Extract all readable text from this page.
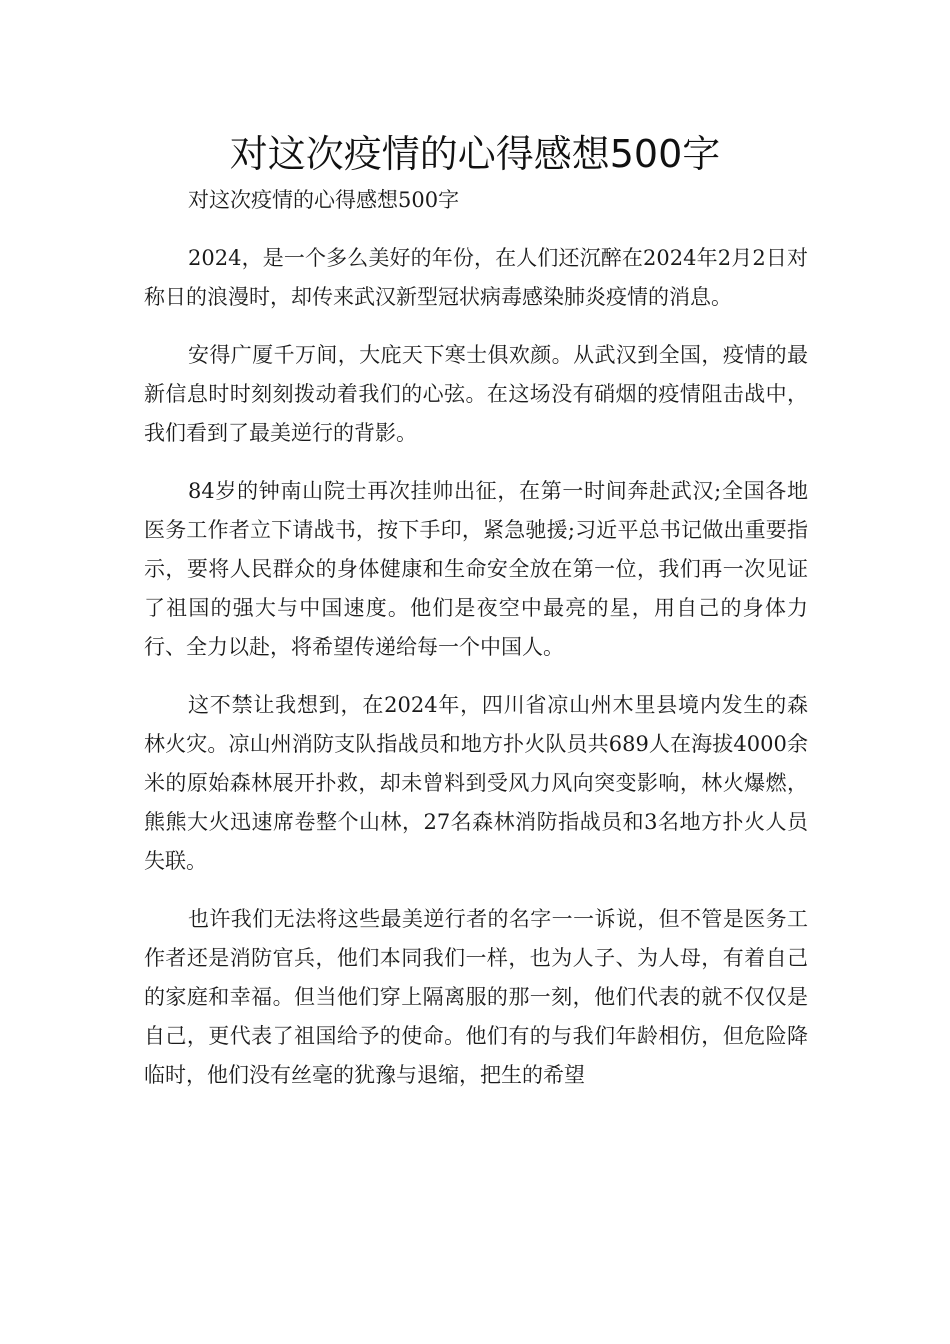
对这次疫情的心得感想500字

对这次疫情的心得感想500字

2024，是一个多么美好的年份，在人们还沉醉在2024年2月2日对称日的浪漫时，却传来武汉新型冠状病毒感染肺炎疫情的消息。

安得广厦千万间，大庇天下寒士俱欢颜。从武汉到全国，疫情的最新信息时时刻刻拨动着我们的心弦。在这场没有硝烟的疫情阻击战中，我们看到了最美逆行的背影。

84岁的钟南山院士再次挂帅出征，在第一时间奔赴武汉;全国各地医务工作者立下请战书，按下手印，紧急驰援;习近平总书记做出重要指示，要将人民群众的身体健康和生命安全放在第一位，我们再一次见证了祖国的强大与中国速度。他们是夜空中最亮的星，用自己的身体力行、全力以赴，将希望传递给每一个中国人。

这不禁让我想到，在2024年，四川省凉山州木里县境内发生的森林火灾。凉山州消防支队指战员和地方扑火队员共689人在海拔4000余米的原始森林展开扑救，却未曾料到受风力风向突变影响，林火爆燃，熊熊大火迅速席卷整个山林，27名森林消防指战员和3名地方扑火人员失联。

也许我们无法将这些最美逆行者的名字一一诉说，但不管是医务工作者还是消防官兵，他们本同我们一样，也为人子、为人母，有着自己的家庭和幸福。但当他们穿上隔离服的那一刻，他们代表的就不仅仅是自己，更代表了祖国给予的使命。他们有的与我们年龄相仿，但危险降临时，他们没有丝毫的犹豫与退缩，把生的希望
